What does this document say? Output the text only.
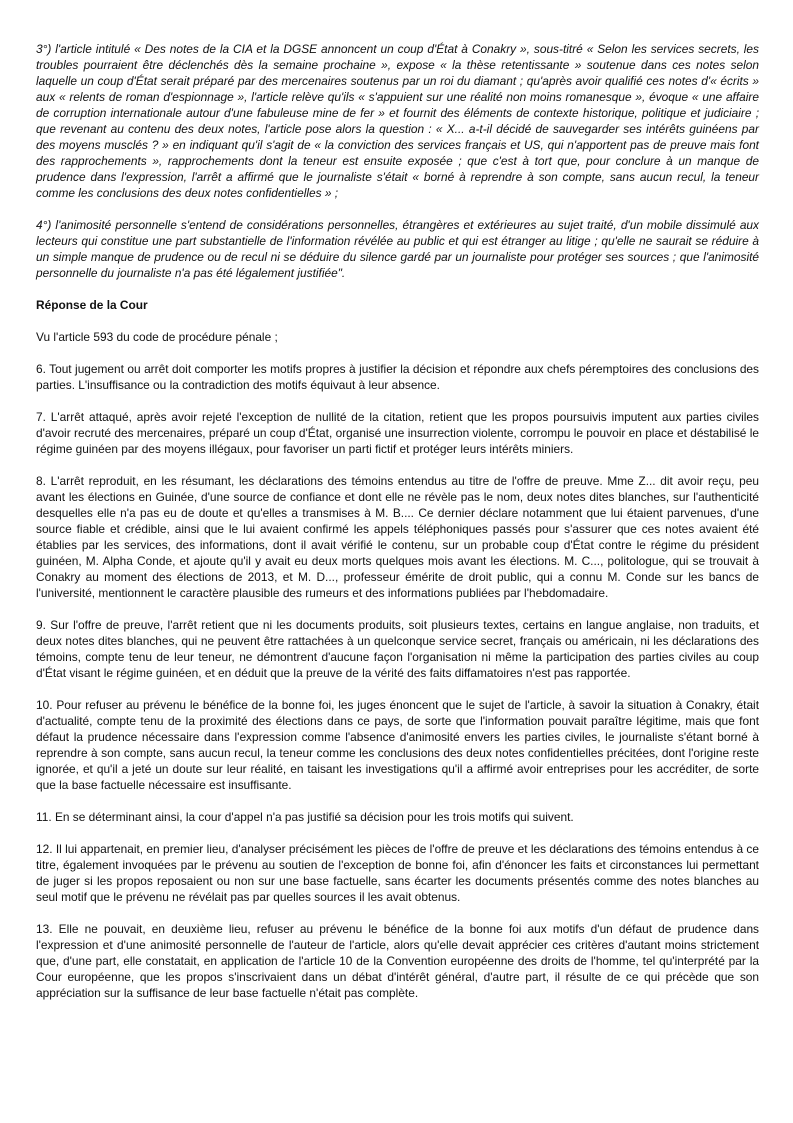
3°) l'article intitulé « Des notes de la CIA et la DGSE annoncent un coup d'État à Conakry », sous-titré « Selon les services secrets, les troubles pourraient être déclenchés dès la semaine prochaine », expose « la thèse retentissante » soutenue dans ces notes selon laquelle un coup d'État serait préparé par des mercenaires soutenus par un roi du diamant ; qu'après avoir qualifié ces notes d'« écrits » aux « relents de roman d'espionnage », l'article relève qu'ils « s'appuient sur une réalité non moins romanesque », évoque « une affaire de corruption internationale autour d'une fabuleuse mine de fer » et fournit des éléments de contexte historique, politique et judiciaire ; que revenant au contenu des deux notes, l'article pose alors la question : « X... a-t-il décidé de sauvegarder ses intérêts guinéens par des moyens musclés ? » en indiquant qu'il s'agit de « la conviction des services français et US, qui n'apportent pas de preuve mais font des rapprochements », rapprochements dont la teneur est ensuite exposée ; que c'est à tort que, pour conclure à un manque de prudence dans l'expression, l'arrêt a affirmé que le journaliste s'était « borné à reprendre à son compte, sans aucun recul, la teneur comme les conclusions des deux notes confidentielles » ;

4°) l'animosité personnelle s'entend de considérations personnelles, étrangères et extérieures au sujet traité, d'un mobile dissimulé aux lecteurs qui constitue une part substantielle de l'information révélée au public et qui est étranger au litige ; qu'elle ne saurait se réduire à un simple manque de prudence ou de recul ni se déduire du silence gardé par un journaliste pour protéger ses sources ; que l'animosité personnelle du journaliste n'a pas été légalement justifiée".

Réponse de la Cour

Vu l'article 593 du code de procédure pénale ;

6. Tout jugement ou arrêt doit comporter les motifs propres à justifier la décision et répondre aux chefs péremptoires des conclusions des parties. L'insuffisance ou la contradiction des motifs équivaut à leur absence.

7. L'arrêt attaqué, après avoir rejeté l'exception de nullité de la citation, retient que les propos poursuivis imputent aux parties civiles d'avoir recruté des mercenaires, préparé un coup d'État, organisé une insurrection violente, corrompu le pouvoir en place et déstabilisé le régime guinéen par des moyens illégaux, pour favoriser un parti fictif et protéger leurs intérêts miniers.

8. L'arrêt reproduit, en les résumant, les déclarations des témoins entendus au titre de l'offre de preuve. Mme Z... dit avoir reçu, peu avant les élections en Guinée, d'une source de confiance et dont elle ne révèle pas le nom, deux notes dites blanches, sur l'authenticité desquelles elle n'a pas eu de doute et qu'elles a transmises à M. B.... Ce dernier déclare notamment que lui étaient parvenues, d'une source fiable et crédible, ainsi que le lui avaient confirmé les appels téléphoniques passés pour s'assurer que ces notes avaient été établies par les services, des informations, dont il avait vérifié le contenu, sur un probable coup d'État contre le régime du président guinéen, M. Alpha Conde, et ajoute qu'il y avait eu deux morts quelques mois avant les élections. M. C..., politologue, qui se trouvait à Conakry au moment des élections de 2013, et M. D..., professeur émérite de droit public, qui a connu M. Conde sur les bancs de l'université, mentionnent le caractère plausible des rumeurs et des informations publiées par l'hebdomadaire.

9. Sur l'offre de preuve, l'arrêt retient que ni les documents produits, soit plusieurs textes, certains en langue anglaise, non traduits, et deux notes dites blanches, qui ne peuvent être rattachées à un quelconque service secret, français ou américain, ni les déclarations des témoins, compte tenu de leur teneur, ne démontrent d'aucune façon l'organisation ni même la participation des parties civiles au coup d'État visant le régime guinéen, et en déduit que la preuve de la vérité des faits diffamatoires n'est pas rapportée.

10. Pour refuser au prévenu le bénéfice de la bonne foi, les juges énoncent que le sujet de l'article, à savoir la situation à Conakry, était d'actualité, compte tenu de la proximité des élections dans ce pays, de sorte que l'information pouvait paraître légitime, mais que font défaut la prudence nécessaire dans l'expression comme l'absence d'animosité envers les parties civiles, le journaliste s'étant borné à reprendre à son compte, sans aucun recul, la teneur comme les conclusions des deux notes confidentielles précitées, dont l'origine reste ignorée, et qu'il a jeté un doute sur leur réalité, en taisant les investigations qu'il a affirmé avoir entreprises pour les accréditer, de sorte que la base factuelle nécessaire est insuffisante.

11. En se déterminant ainsi, la cour d'appel n'a pas justifié sa décision pour les trois motifs qui suivent.

12. Il lui appartenait, en premier lieu, d'analyser précisément les pièces de l'offre de preuve et les déclarations des témoins entendus à ce titre, également invoquées par le prévenu au soutien de l'exception de bonne foi, afin d'énoncer les faits et circonstances lui permettant de juger si les propos reposaient ou non sur une base factuelle, sans écarter les documents présentés comme des notes blanches au seul motif que le prévenu ne révélait pas par quelles sources il les avait obtenus.

13. Elle ne pouvait, en deuxième lieu, refuser au prévenu le bénéfice de la bonne foi aux motifs d'un défaut de prudence dans l'expression et d'une animosité personnelle de l'auteur de l'article, alors qu'elle devait apprécier ces critères d'autant moins strictement que, d'une part, elle constatait, en application de l'article 10 de la Convention européenne des droits de l'homme, tel qu'interprété par la Cour européenne, que les propos s'inscrivaient dans un débat d'intérêt général, d'autre part, il résulte de ce qui précède que son appréciation sur la suffisance de leur base factuelle n'était pas complète.
